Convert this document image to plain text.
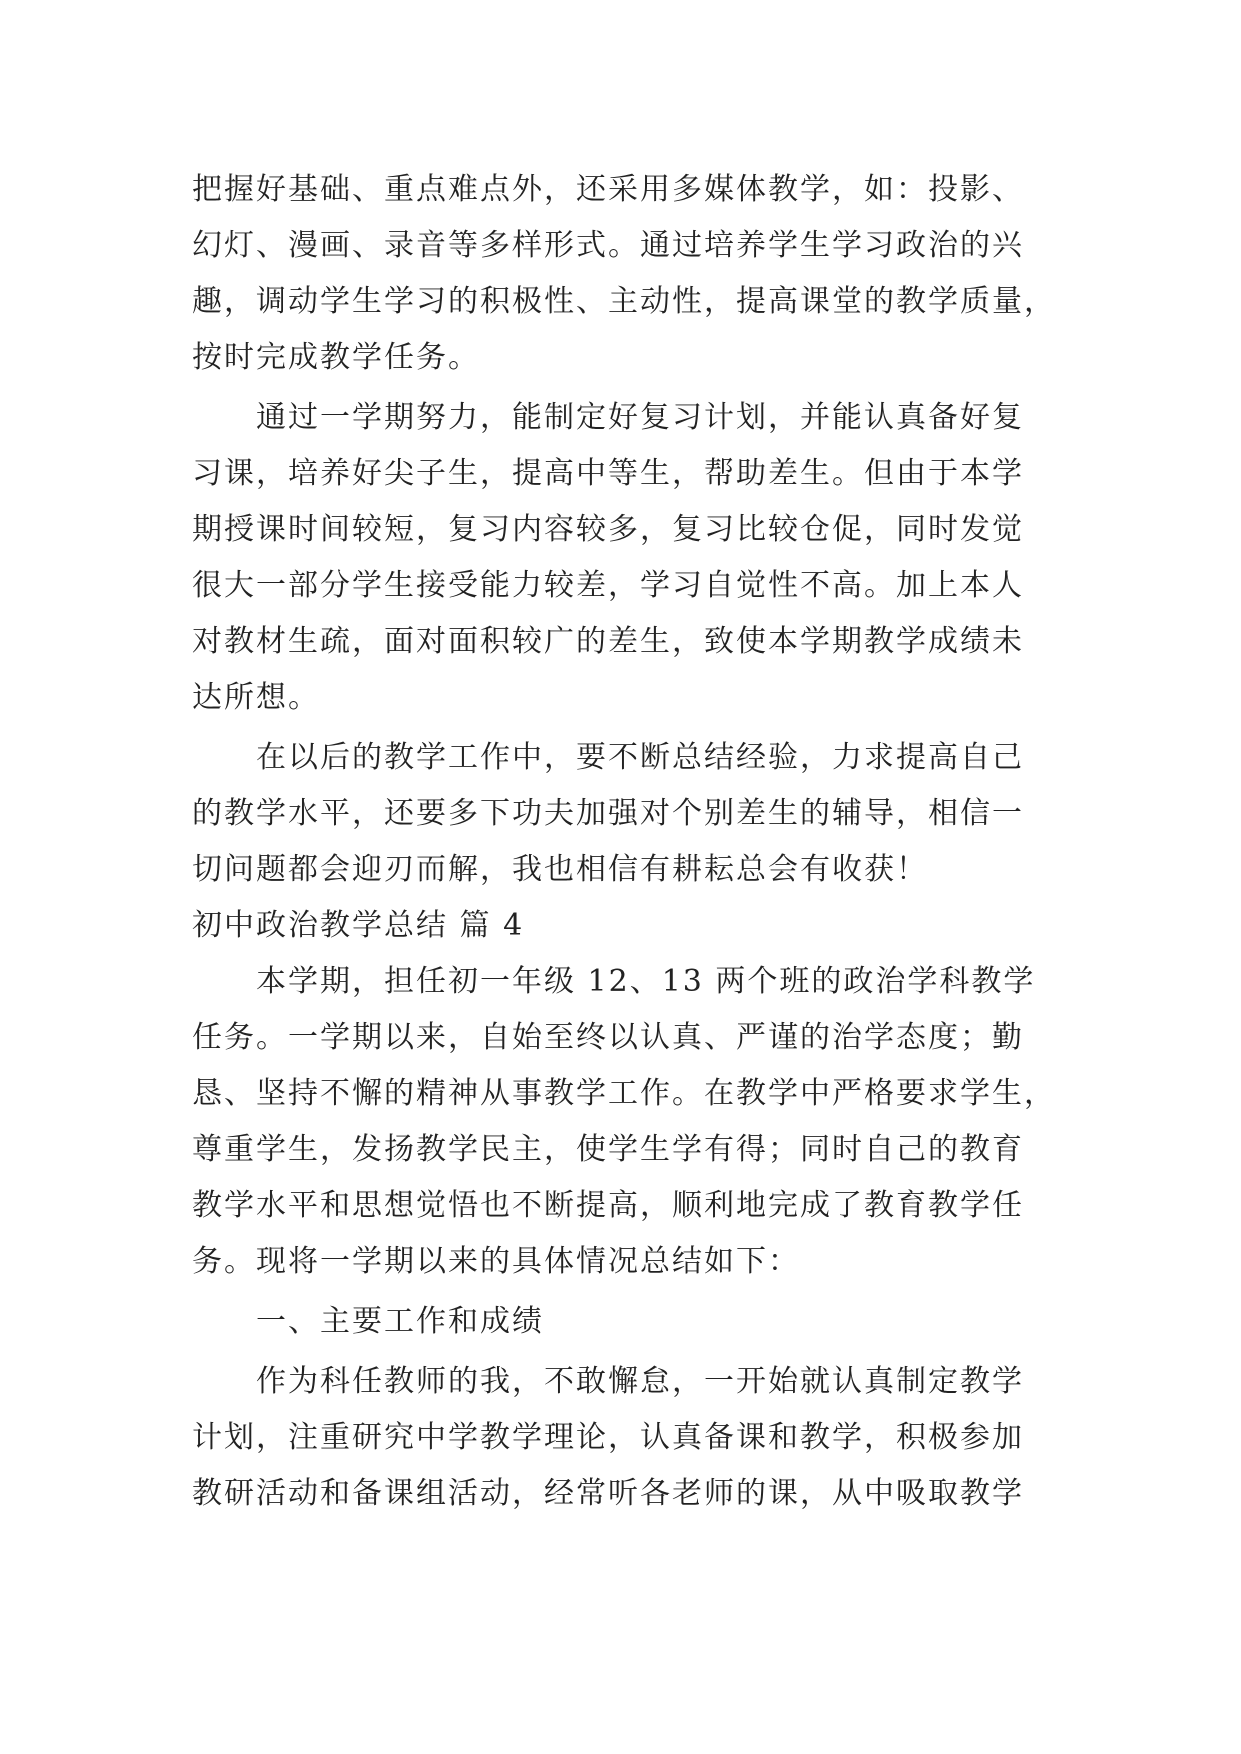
把握好基础、重点难点外，还采用多媒体教学，如：投影、
幻灯、漫画、录音等多样形式。通过培养学生学习政治的兴
趣，调动学生学习的积极性、主动性，提高课堂的教学质量，
按时完成教学任务。
通过一学期努力，能制定好复习计划，并能认真备好复
习课，培养好尖子生，提高中等生，帮助差生。但由于本学
期授课时间较短，复习内容较多，复习比较仓促，同时发觉
很大一部分学生接受能力较差，学习自觉性不高。加上本人
对教材生疏，面对面积较广的差生，致使本学期教学成绩未
达所想。
在以后的教学工作中，要不断总结经验，力求提高自己
的教学水平，还要多下功夫加强对个别差生的辅导，相信一
切问题都会迎刃而解，我也相信有耕耘总会有收获！
初中政治教学总结 篇 4
本学期，担任初一年级 12、13 两个班的政治学科教学
任务。一学期以来，自始至终以认真、严谨的治学态度；勤
恳、坚持不懈的精神从事教学工作。在教学中严格要求学生，
尊重学生，发扬教学民主，使学生学有得；同时自己的教育
教学水平和思想觉悟也不断提高，顺利地完成了教育教学任
务。现将一学期以来的具体情况总结如下：
一、主要工作和成绩
作为科任教师的我，不敢懈怠，一开始就认真制定教学
计划，注重研究中学教学理论，认真备课和教学，积极参加
教研活动和备课组活动，经常听各老师的课，从中吸取教学
